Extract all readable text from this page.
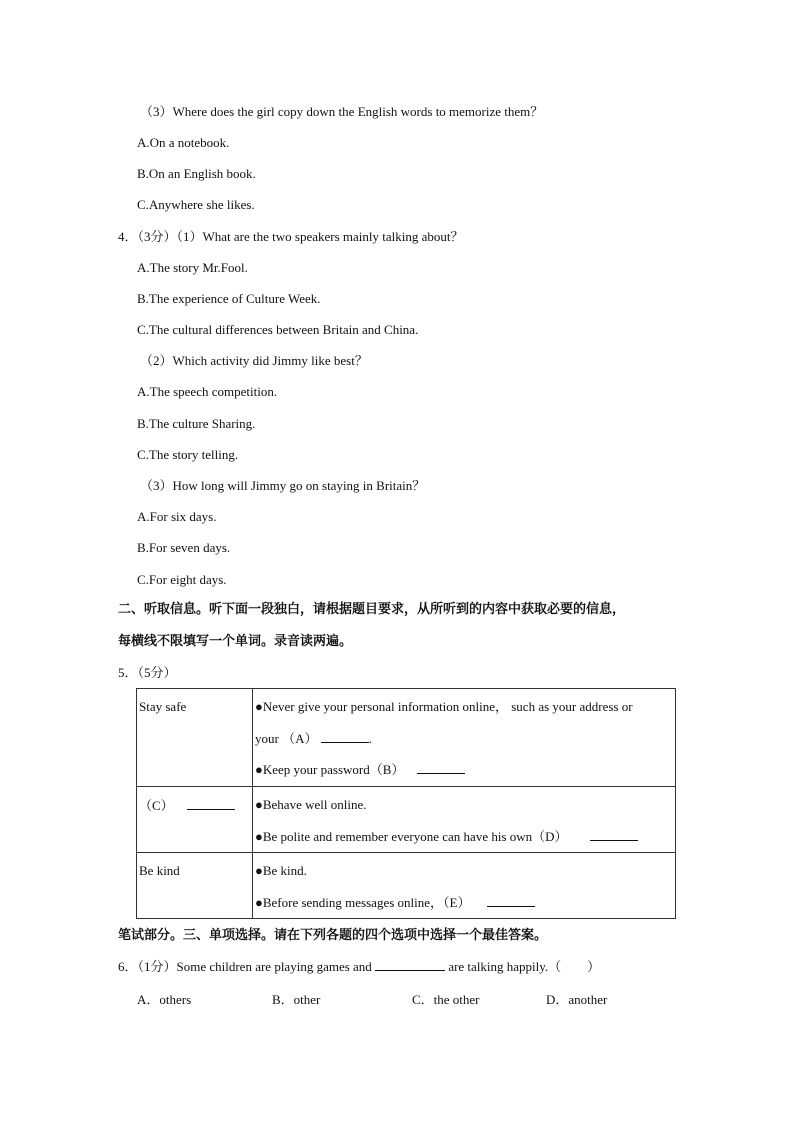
（3）Where does the girl copy down the English words to memorize them？
A.On a notebook.
B.On an English book.
C.Anywhere she likes.
4．（3分）（1）What are the two speakers mainly talking about？
A.The story Mr.Fool.
B.The experience of Culture Week.
C.The cultural differences between Britain and China.
（2）Which activity did Jimmy like best？
A.The speech competition.
B.The culture Sharing.
C.The story telling.
（3）How long will Jimmy go on staying in Britain？
A.For six days.
B.For seven days.
C.For eight days.
二、听取信息。听下面一段独白，请根据题目要求，从所听到的内容中获取必要的信息，
每横线不限填写一个单词。录音读两遍。
5．（5分）
Stay safe	●Never give your personal information online， such as your address or
your （A） .
●Keep your password（B）

（C）	●Behave well online.
●Be polite and remember everyone can have his own（D）

Be kind	●Be kind.
●Before sending messages online，（E）
笔试部分。三、单项选择。请在下列各题的四个选项中选择一个最佳答案。
6．（1分）Some children are playing games and	are talking happily.（　　）
A．others	B．other	C．the other	D．another
